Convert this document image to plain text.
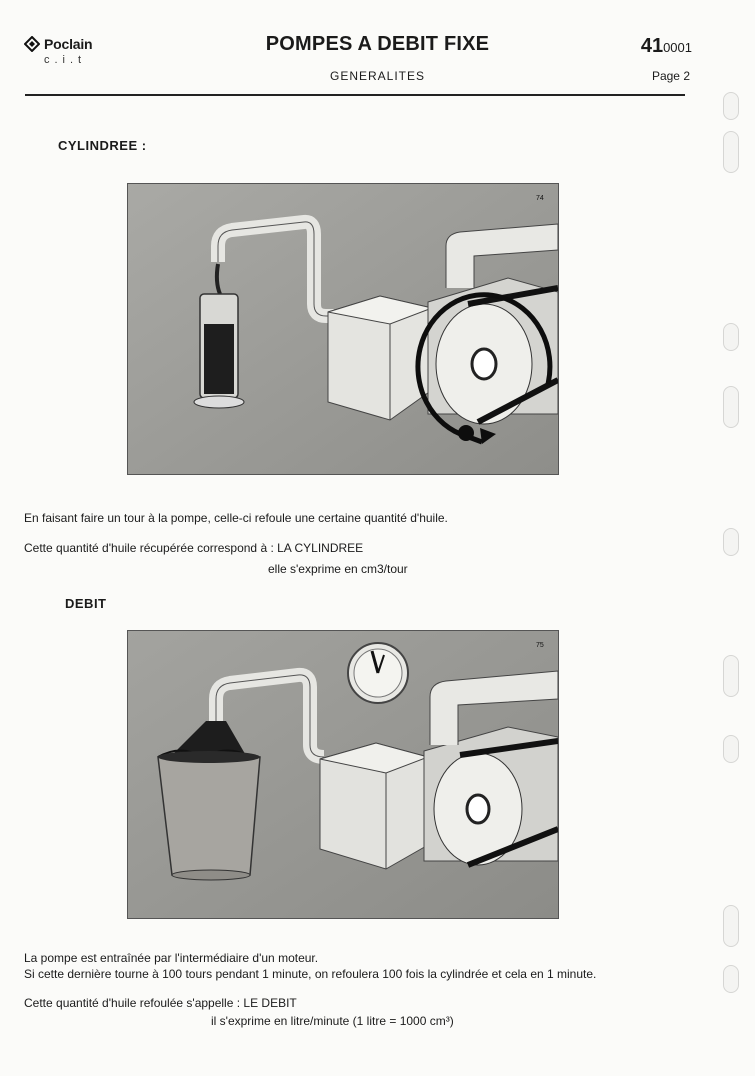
Poclain
c.i.t
POMPES A DEBIT FIXE
GENERALITES
410001
Page 2
CYLINDREE :
74
En faisant faire un tour à la pompe, celle-ci refoule une certaine quantité d'huile.
Cette quantité d'huile récupérée correspond à : LA CYLINDREE
elle s'exprime en cm3/tour
DEBIT
75
La pompe est entraînée par l'intermédiaire d'un moteur.
Si cette dernière tourne à 100 tours pendant 1 minute, on refoulera 100 fois la cylindrée et cela en 1 minute.
Cette quantité d'huile refoulée s'appelle : LE DEBIT
il s'exprime en litre/minute (1 litre = 1000 cm³)
